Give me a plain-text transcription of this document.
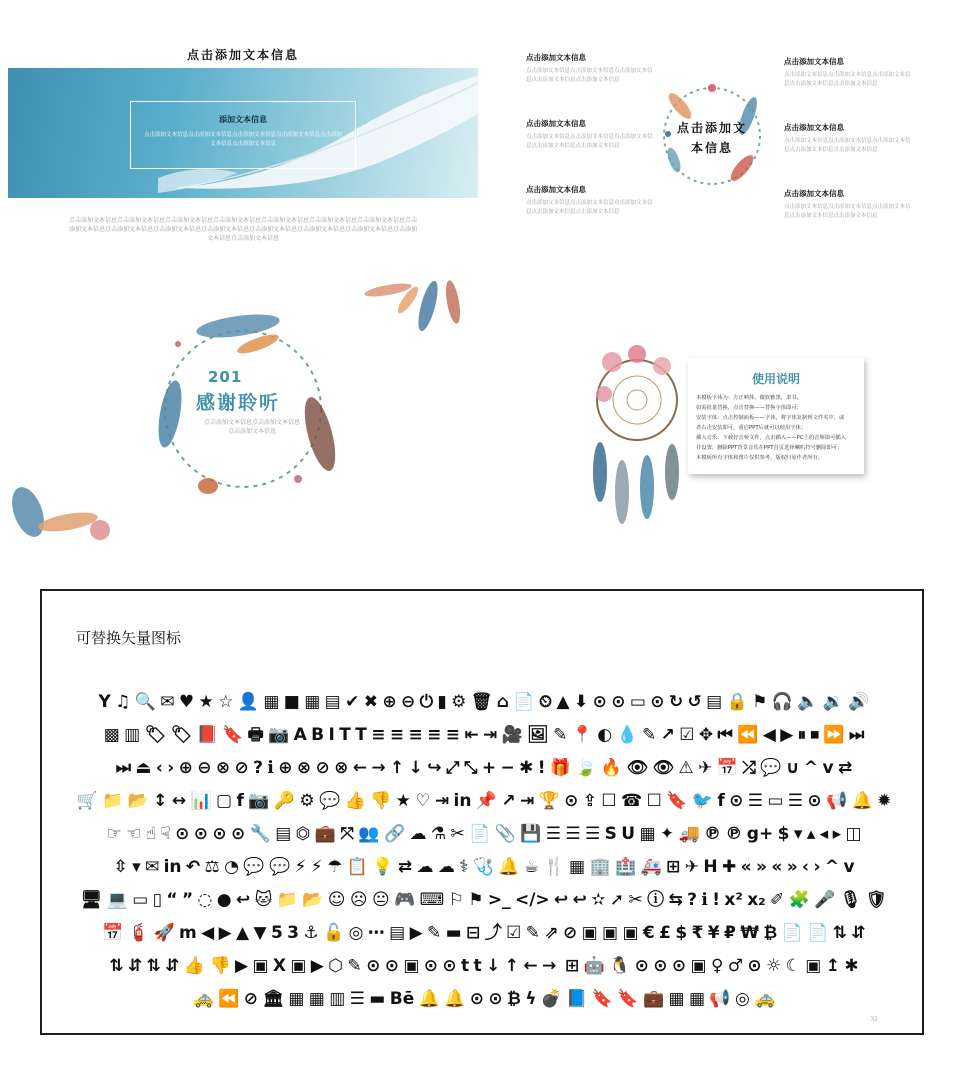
点击添加文本信息
添加文本信息
点击添加文本信息点击添加文本信息点击添加文本信息点击添加文本信息点击添加文本信息点击添加文本信息
点击添加文本信息点击添加文本信息点击添加文本信息点击添加文本信息点击添加文本信息点击添加文本信息点击添加文本信息点击添加文本信息点击添加文本信息点击添加文本信息点击添加文本信息点击添加文本信息点击添加文本信息点击添加文本信息点击添加文本信息点击添加文本信息
点击添加文本信息
点击添加文本信息点击添加文本信息点击添加文本信息点击添加文本信息点击添加文本信息
点击添加文本信息
点击添加文本信息点击添加文本信息点击添加文本信息点击添加文本信息点击添加文本信息
点击添加文本信息
点击添加文本信息点击添加文本信息点击添加文本信息点击添加文本信息点击添加文本信息
点击添加文本信息
点击添加文本信息点击添加文本信息点击添加文本信息点击添加文本信息点击添加文本信息
点击添加文本信息
点击添加文本信息点击添加文本信息点击添加文本信息点击添加文本信息点击添加文本信息
点击添加文本信息
点击添加文本信息点击添加文本信息点击添加文本信息点击添加文本信息点击添加文本信息
点击添加文本信息
201
感谢聆听
点击添加文本信息点击添加文本信息点击添加文本信息
使用说明
本模板字体为：方正呐体，微软雅黑，隶书。
如需批量替换，点击替换——替换字体即可；
安装字体：点击控制面板——字体，将字体复制到文件夹中，或
者右击安装即可，重启PPT后就可以使用字体；
插入音乐：下载好音频文件，点击插入——PC上的音频即可插入
并设置，删除PPT背景音乐在PPT首页选择喇叭符号删除即可；
本模板所有字体和图片仅供参考，版权归原作者所有。
可替换矢量图标
Y ♫ 🔍 ✉ ♥ ★ ☆ 👤 ▦ ■ ▦ ▤ ✔ ✖ ⊕ ⊖ ⏻ ▮ ⚙ 🗑 ⌂ 📄 ⏲ ▲ ⬇ ⊙ ⊙ ▭ ⊙ ↻ ↺ ▤ 🔒 ⚑ 🎧 🔈 🔉 🔊
▩ ▥ 🏷 🏷 📕 🔖 🖶 📷 A B I T T ≡ ≡ ≡ ≡ ≡ ⇤ ⇥ 🎥 🖼 ✎ 📍 ◐ 💧 ✎ ↗ ☑ ✥ ⏮ ⏪ ◀ ▶ ⏸ ⏹ ⏩ ⏭
⏭ ⏏ ‹ › ⊕ ⊖ ⊗ ⊘ ? ℹ ⊕ ⊗ ⊘ ⊗ ← → ↑ ↓ ↪ ⤢ ⤡ + − ✱ ! 🎁 🍃 🔥 👁 👁 ⚠ ✈ 📅 ⤮ 💬 ∪ ^ v ⇄
🛒 📁 📂 ↕ ↔ 📊 ▢ f 📷 🔑 ⚙ 💬 👍 👎 ★ ♡ ⇥ in 📌 ↗ ⇥ 🏆 ⊙ ⇪ ☐ ☎ ☐ 🔖 🐦 f ⊙ ☰ ▭ ☰ ⊙ 📢 🔔 ✹
☞ ☜ ☝ ☟ ⊙ ⊙ ⊙ ⊙ 🔧 ▤ ⏣ 💼 ⤧ 👥 🔗 ☁ ⚗ ✂ 📄 📎 💾 ☰ ☰ ☰ S U ▦ ✦ 🚚 ℗ ℗ g+ $ ▾ ▴ ◂ ▸ ◫
⇳ ▾ ✉ in ↶ ⚖ ◔ 💬 💬 ⚡ ⚡ ☂ 📋 💡 ⇄ ☁ ☁ ⚕ 🩺 🔔 ☕ 🍴 ▦ 🏢 🏥 🚑 ⊞ ✈ H ✚ « » « » ‹ › ^ v
🖥 💻 ▭ ▯ “ ” ◌ ● ↩ 🐱 📁 📂 ☺ ☹ 😐 🎮 ⌨ ⚐ ⚑ >_ </> ↩ ↩ ✫ ➚ ✂ ⓘ ⇆ ? ℹ ! x² x₂ ✐ 🧩 🎤 🎙 🛡
📅 🧯 🚀 m ◀ ▶ ▲ ▼ 5 3 ⚓ 🔓 ◎ ⋯ ▤ ▶ ✎ ▬ ⊟ ⤴ ☑ ✎ ⇗ ⊘ ▣ ▣ ▣ € £ $ ₹ ¥ ₽ ₩ ₿ 📄 📄 ⇅ ⇵
⇅ ⇵ ⇅ ⇵ 👍 👎 ▶ ▣ X ▣ ▶ ⬡ ✎ ⊙ ⊙ ▣ ⊙ ⊙ t t ↓ ↑ ← → ⊞ 🤖 🐧 ⊙ ⊙ ⊙ ▣ ♀ ♂ ⊙ ☼ ☾ ▣ ↥ ✱
🚕 ⏪ ⊘ 🏛 ▦ ▦ ▥ ☰ ▬ Bē 🔔 🔔 ⊙ ⊙ ₿ ϟ 💣 📘 🔖 🔖 💼 ▦ ▦ 📢 ◎ 🚕
32
